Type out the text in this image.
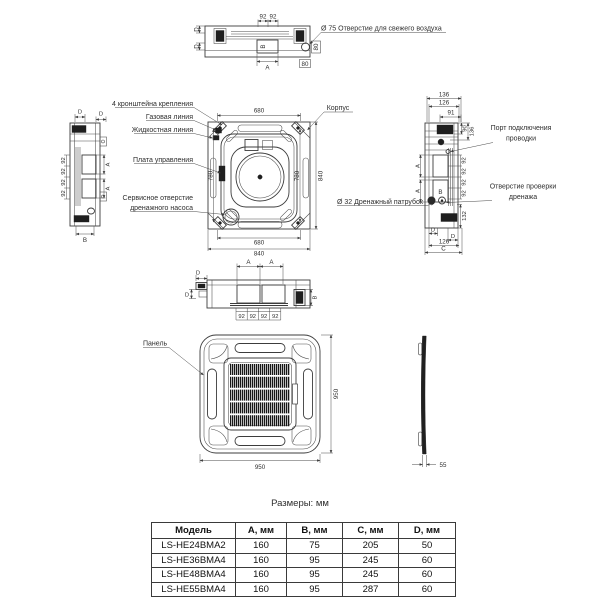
B	80
80
A
92 92
D
D
Ø 75 Отверстие для свежего воздуха
D	D
92
92
92
92
A
A
B
680
680
840
780	780	840
4 кронштейна крепления
Газовая линия
Жидкостная линия
Плата управления
Сервисное отверстие
дренажного насоса
Корпус
Ø 32 Дренажный патрубок
136
126
91
90 136
B
A
A
92
92
92
92
132
D
D
126
C
Порт подключения
проводки
Отверстие проверки
дренажа
D
D
A	A
B
92 92 92 92
Панель
950
950
55
Размеры: мм
Модель	А, мм	В, мм	С, мм	D, мм
LS-HE24BMA2	160	75	205	50
LS-HE36BMA4	160	95	245	60
LS-HE48BMA4	160	95	245	60
LS-HE55BMA4	160	95	287	60
